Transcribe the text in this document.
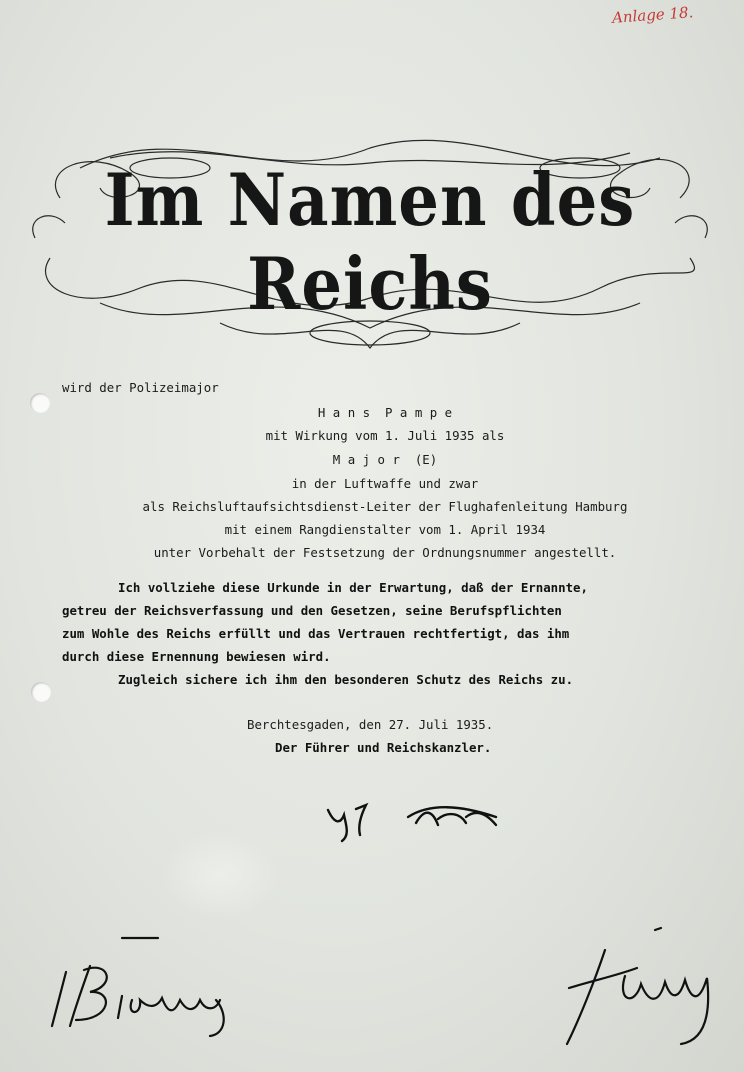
Anlage 18.
Im Namen des Reichs
wird der Polizeimajor
H a n s  P a m p e
mit Wirkung vom 1. Juli 1935 als
M a j o r  (E)
in der Luftwaffe und zwar
als Reichsluftaufsichtsdienst-Leiter der Flughafenleitung Hamburg
mit einem Rangdienstalter vom 1. April 1934
unter Vorbehalt der Festsetzung der Ordnungsnummer angestellt.
Ich vollziehe diese Urkunde in der Erwartung, daß der Ernannte,
getreu der Reichsverfassung und den Gesetzen, seine Berufspflichten
zum Wohle des Reichs erfüllt und das Vertrauen rechtfertigt, das ihm
durch diese Ernennung bewiesen wird.
Zugleich sichere ich ihm den besonderen Schutz des Reichs zu.
Berchtesgaden, den 27. Juli 1935.
Der Führer und Reichskanzler.
